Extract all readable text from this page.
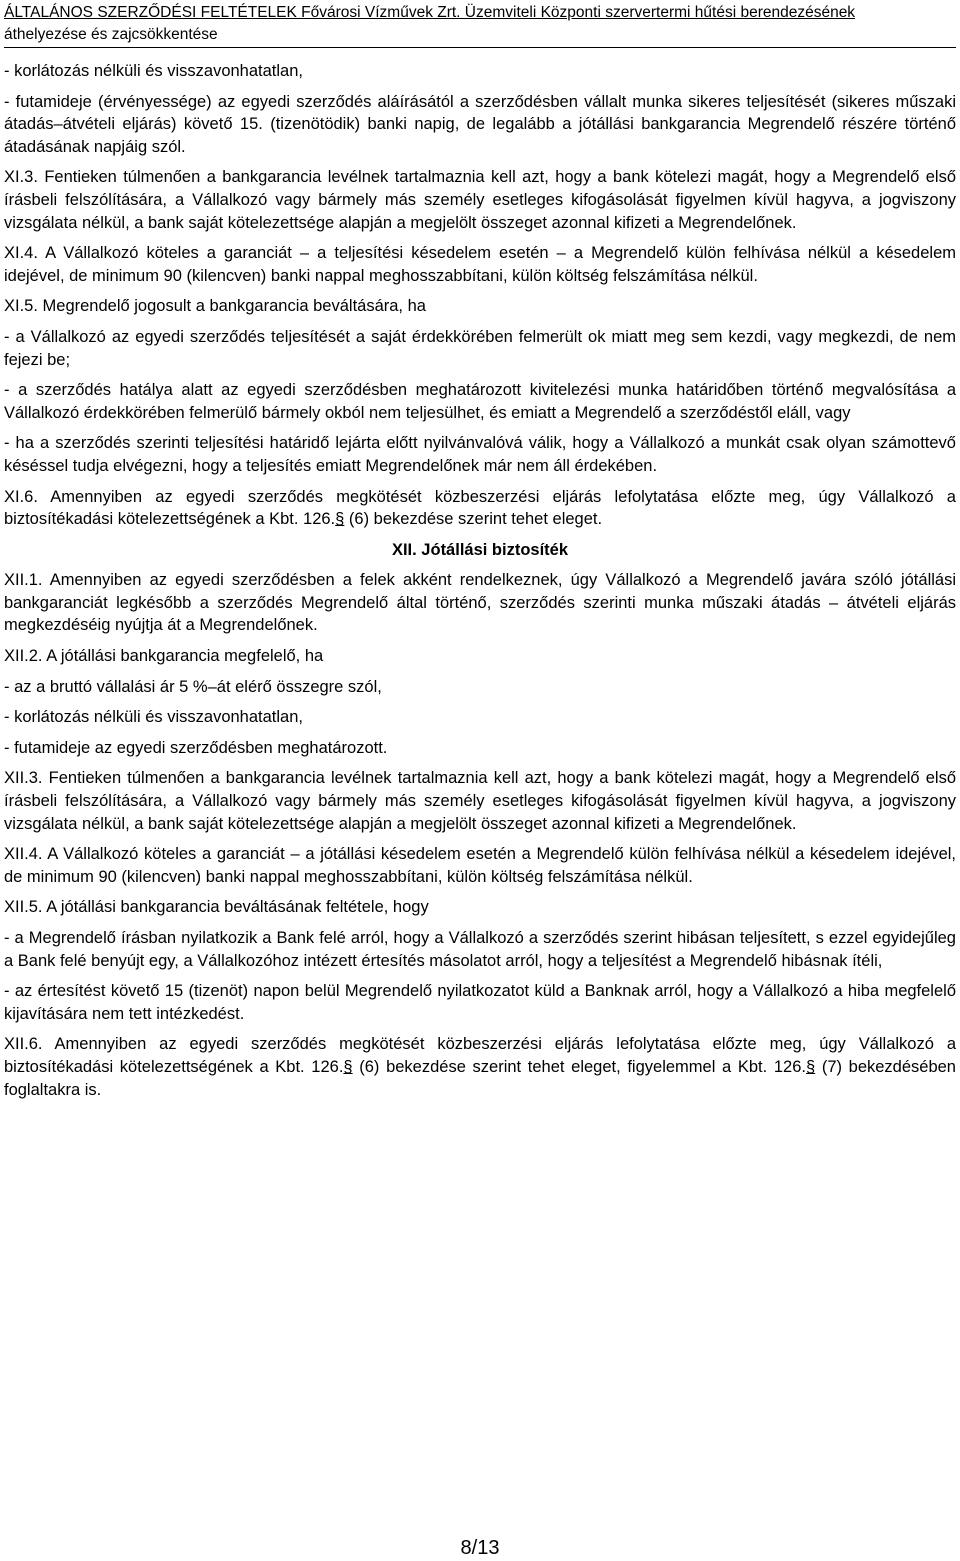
ÁLTALÁNOS SZERZŐDÉSI FELTÉTELEK Fővárosi Vízművek Zrt. Üzemviteli Központi szervertermi hűtési berendezésének
áthelyezése és zajcsökkentése

- korlátozás nélküli és visszavonhatatlan,

- futamideje (érvényessége) az egyedi szerződés aláírásától a szerződésben vállalt munka sikeres teljesítését (sikeres műszaki átadás–átvételi eljárás) követő 15. (tizenötödik) banki napig, de legalább a jótállási bankgarancia Megrendelő részére történő átadásának napjáig szól.

XI.3. Fentieken túlmenően a bankgarancia levélnek tartalmaznia kell azt, hogy a bank kötelezi magát, hogy a Megrendelő első írásbeli felszólítására, a Vállalkozó vagy bármely más személy esetleges kifogásolását figyelmen kívül hagyva, a jogviszony vizsgálata nélkül, a bank saját kötelezettsége alapján a megjelölt összeget azonnal kifizeti a Megrendelőnek.

XI.4. A Vállalkozó köteles a garanciát – a teljesítési késedelem esetén – a Megrendelő külön felhívása nélkül a késedelem idejével, de minimum 90 (kilencven) banki nappal meghosszabbítani, külön költség felszámítása nélkül.

XI.5. Megrendelő jogosult a bankgarancia beváltására, ha

- a Vállalkozó az egyedi szerződés teljesítését a saját érdekkörében felmerült ok miatt meg sem kezdi, vagy megkezdi, de nem fejezi be;

- a szerződés hatálya alatt az egyedi szerződésben meghatározott kivitelezési munka határidőben történő megvalósítása a Vállalkozó érdekkörében felmerülő bármely okból nem teljesülhet, és emiatt a Megrendelő a szerződéstől eláll, vagy

- ha a szerződés szerinti teljesítési határidő lejárta előtt nyilvánvalóvá válik, hogy a Vállalkozó a munkát csak olyan számottevő késéssel tudja elvégezni, hogy a teljesítés emiatt Megrendelőnek már nem áll érdekében.

XI.6. Amennyiben az egyedi szerződés megkötését közbeszerzési eljárás lefolytatása előzte meg, úgy Vállalkozó a biztosítékadási kötelezettségének a Kbt. 126.§ (6) bekezdése szerint tehet eleget.

XII. Jótállási biztosíték

XII.1. Amennyiben az egyedi szerződésben a felek akként rendelkeznek, úgy Vállalkozó a Megrendelő javára szóló jótállási bankgaranciát legkésőbb a szerződés Megrendelő által történő, szerződés szerinti munka műszaki átadás – átvételi eljárás megkezdéséig nyújtja át a Megrendelőnek.

XII.2. A jótállási bankgarancia megfelelő, ha

- az a bruttó vállalási ár 5 %–át elérő összegre szól,

- korlátozás nélküli és visszavonhatatlan,

- futamideje az egyedi szerződésben meghatározott.

XII.3. Fentieken túlmenően a bankgarancia levélnek tartalmaznia kell azt, hogy a bank kötelezi magát, hogy a Megrendelő első írásbeli felszólítására, a Vállalkozó vagy bármely más személy esetleges kifogásolását figyelmen kívül hagyva, a jogviszony vizsgálata nélkül, a bank saját kötelezettsége alapján a megjelölt összeget azonnal kifizeti a Megrendelőnek.

XII.4. A Vállalkozó köteles a garanciát – a jótállási késedelem esetén a Megrendelő külön felhívása nélkül a késedelem idejével, de minimum 90 (kilencven) banki nappal meghosszabbítani, külön költség felszámítása nélkül.

XII.5. A jótállási bankgarancia beváltásának feltétele, hogy

- a Megrendelő írásban nyilatkozik a Bank felé arról, hogy a Vállalkozó a szerződés szerint hibásan teljesített, s ezzel egyidejűleg a Bank felé benyújt egy, a Vállalkozóhoz intézett értesítés másolatot arról, hogy a teljesítést a Megrendelő hibásnak ítéli,

- az értesítést követő 15 (tizenöt) napon belül Megrendelő nyilatkozatot küld a Banknak arról, hogy a Vállalkozó a hiba megfelelő kijavítására nem tett intézkedést.

XII.6. Amennyiben az egyedi szerződés megkötését közbeszerzési eljárás lefolytatása előzte meg, úgy Vállalkozó a biztosítékadási kötelezettségének a Kbt. 126.§ (6) bekezdése szerint tehet eleget, figyelemmel a Kbt. 126.§ (7) bekezdésében foglaltakra is.

8/13
